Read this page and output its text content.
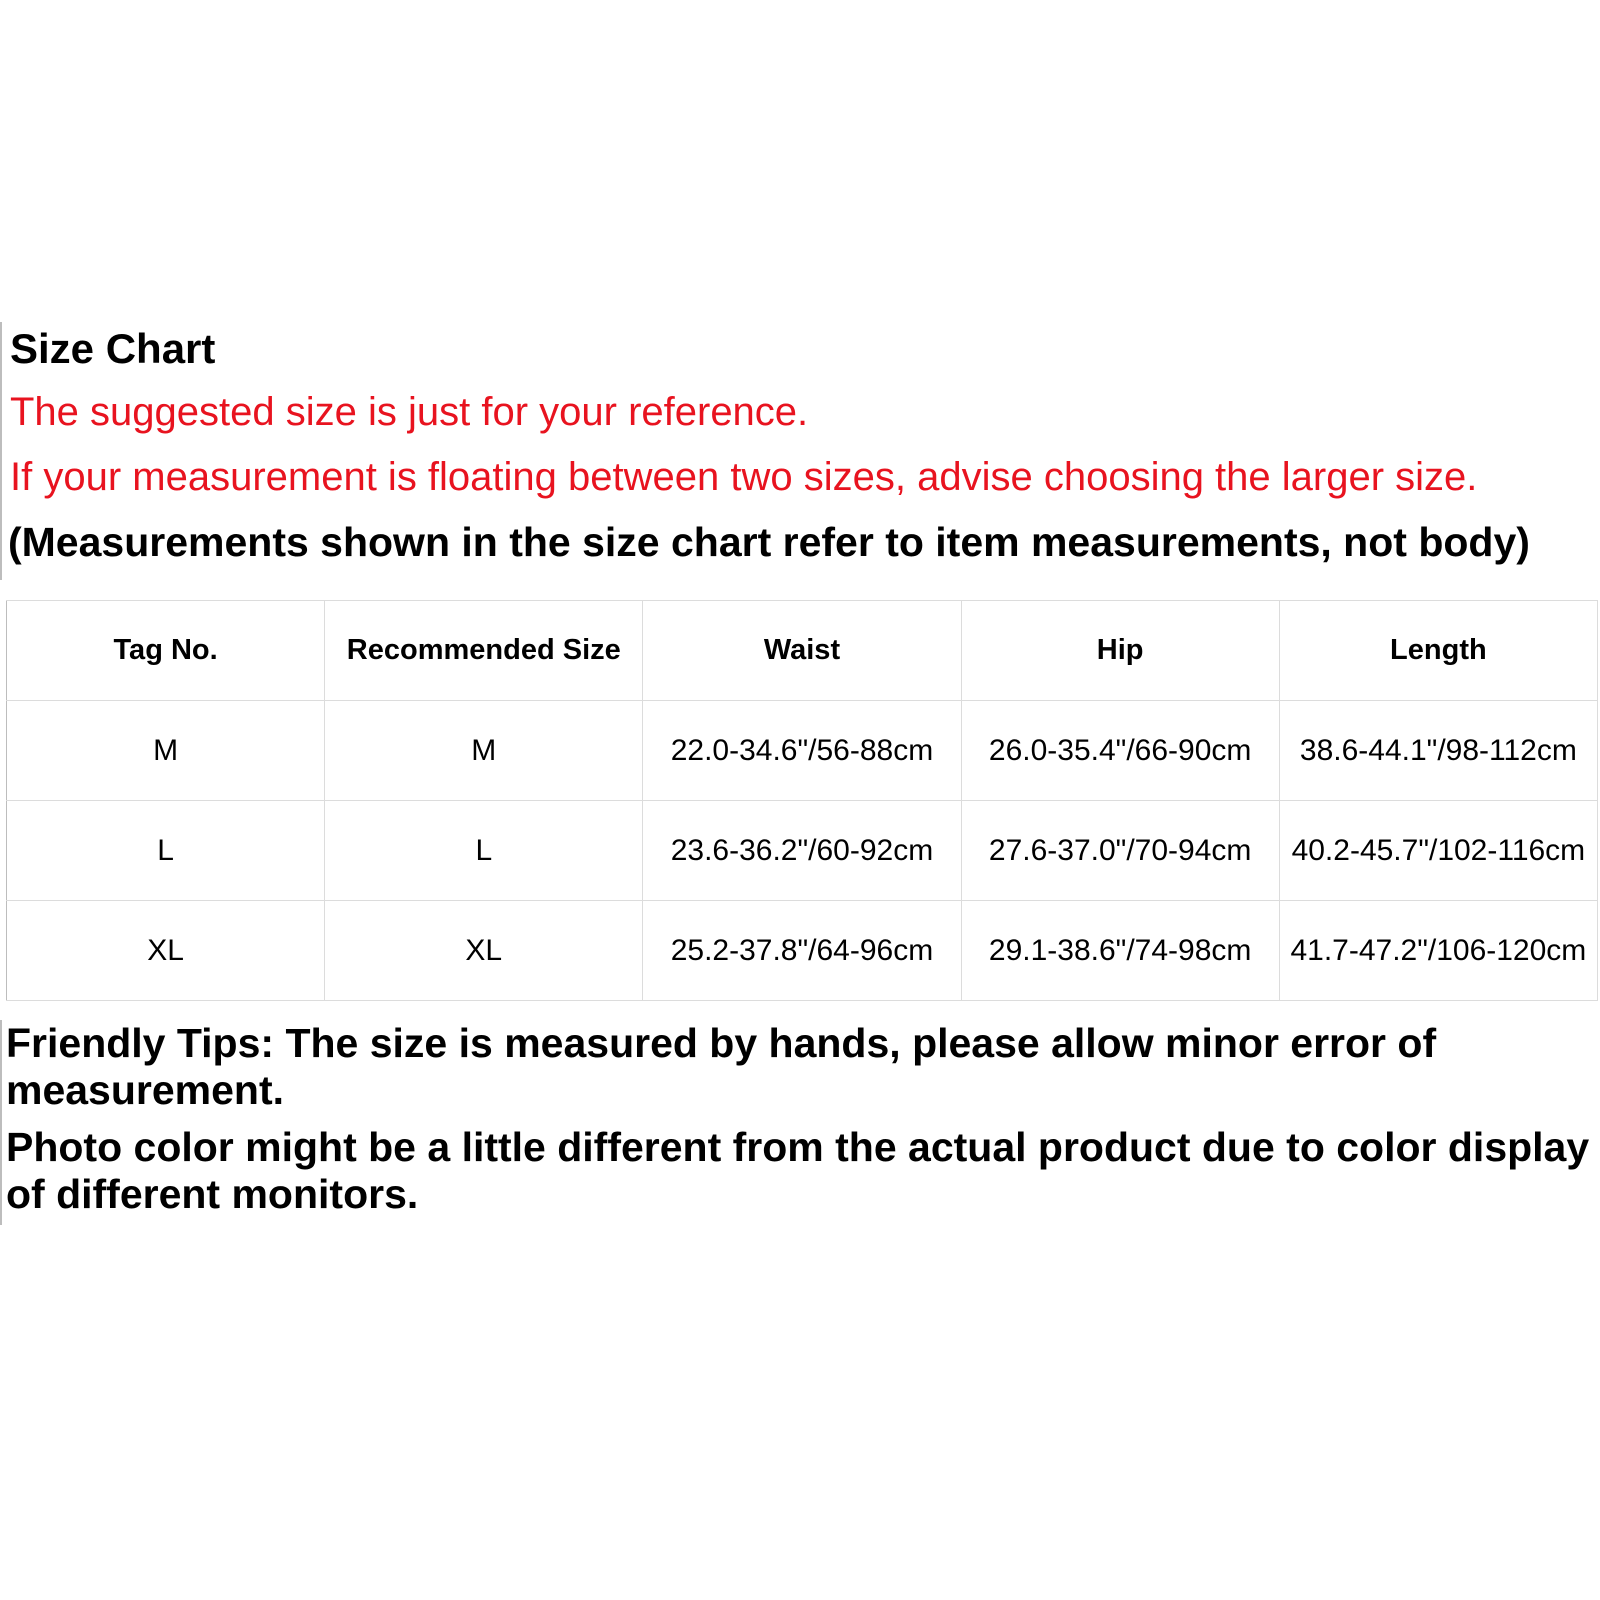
Size Chart
The suggested size is just for your reference.
If your measurement is floating between two sizes, advise choosing the larger size.
(Measurements shown in the size chart refer to item measurements, not body)
Tag No.	Recommended Size	Waist	Hip	Length
M	M	22.0-34.6"/56-88cm	26.0-35.4"/66-90cm	38.6-44.1"/98-112cm
L	L	23.6-36.2"/60-92cm	27.6-37.0"/70-94cm	40.2-45.7"/102-116cm
XL	XL	25.2-37.8"/64-96cm	29.1-38.6"/74-98cm	41.7-47.2"/106-120cm
Friendly Tips: The size is measured by hands, please allow minor error of measurement.
Photo color might be a little different from the actual product due to color display of different monitors.
